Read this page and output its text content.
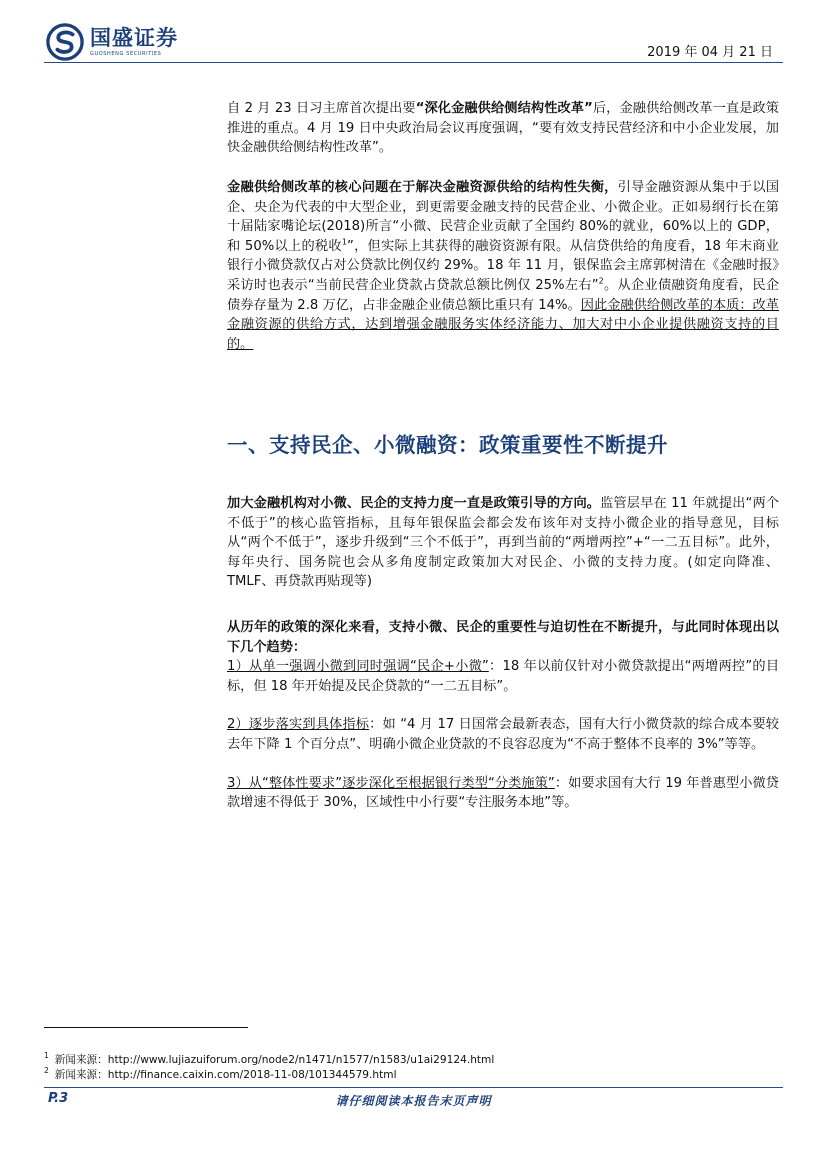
国盛证券
GUOSHENG SECURITIES	2019 年 04 月 21 日

自 2 月 23 日习主席首次提出要“深化金融供给侧结构性改革”后，金融供给侧改革一直是政策推进的重点。4 月 19 日中央政治局会议再度强调，“要有效支持民营经济和中小企业发展，加快金融供给侧结构性改革”。

金融供给侧改革的核心问题在于解决金融资源供给的结构性失衡，引导金融资源从集中于以国企、央企为代表的中大型企业，到更需要金融支持的民营企业、小微企业。正如易纲行长在第十届陆家嘴论坛(2018)所言“小微、民营企业贡献了全国约 80%的就业，60%以上的 GDP，和 50%以上的税收$^1$”，但实际上其获得的融资资源有限。从信贷供给的角度看，18 年末商业银行小微贷款仅占对公贷款比例仅约 29%。18 年 11 月，银保监会主席郭树清在《金融时报》采访时也表示“当前民营企业贷款占贷款总额比例仅 25%左右”$^2$。从企业债融资角度看，民企债券存量为 2.8 万亿，占非金融企业债总额比重只有 14%。因此金融供给侧改革的本质：改革金融资源的供给方式，达到增强金融服务实体经济能力、加大对中小企业提供融资支持的目的。

一、支持民企、小微融资：政策重要性不断提升

加大金融机构对小微、民企的支持力度一直是政策引导的方向。监管层早在 11 年就提出“两个不低于”的核心监管指标，且每年银保监会都会发布该年对支持小微企业的指导意见，目标从“两个不低于”，逐步升级到“三个不低于”，再到当前的“两增两控”+“一二五目标”。此外，每年央行、国务院也会从多角度制定政策加大对民企、小微的支持力度。(如定向降准、TMLF、再贷款再贴现等)

从历年的政策的深化来看，支持小微、民企的重要性与迫切性在不断提升，与此同时体现出以下几个趋势：

1）从单一强调小微到同时强调“民企+小微”：18 年以前仅针对小微贷款提出“两增两控”的目标，但 18 年开始提及民企贷款的“一二五目标”。

2）逐步落实到具体指标：如 “4 月 17 日国常会最新表态，国有大行小微贷款的综合成本要较去年下降 1 个百分点”、明确小微企业贷款的不良容忍度为“不高于整体不良率的 3%”等等。

3）从“整体性要求”逐步深化至根据银行类型“分类施策”：如要求国有大行 19 年普惠型小微贷款增速不得低于 30%，区域性中小行要“专注服务本地”等。

$^1$ 新闻来源：http://www.lujiazuiforum.org/node2/n1471/n1577/n1583/u1ai29124.html
$^2$ 新闻来源：http://finance.caixin.com/2018-11-08/101344579.html
P.3	请仔细阅读本报告末页声明
